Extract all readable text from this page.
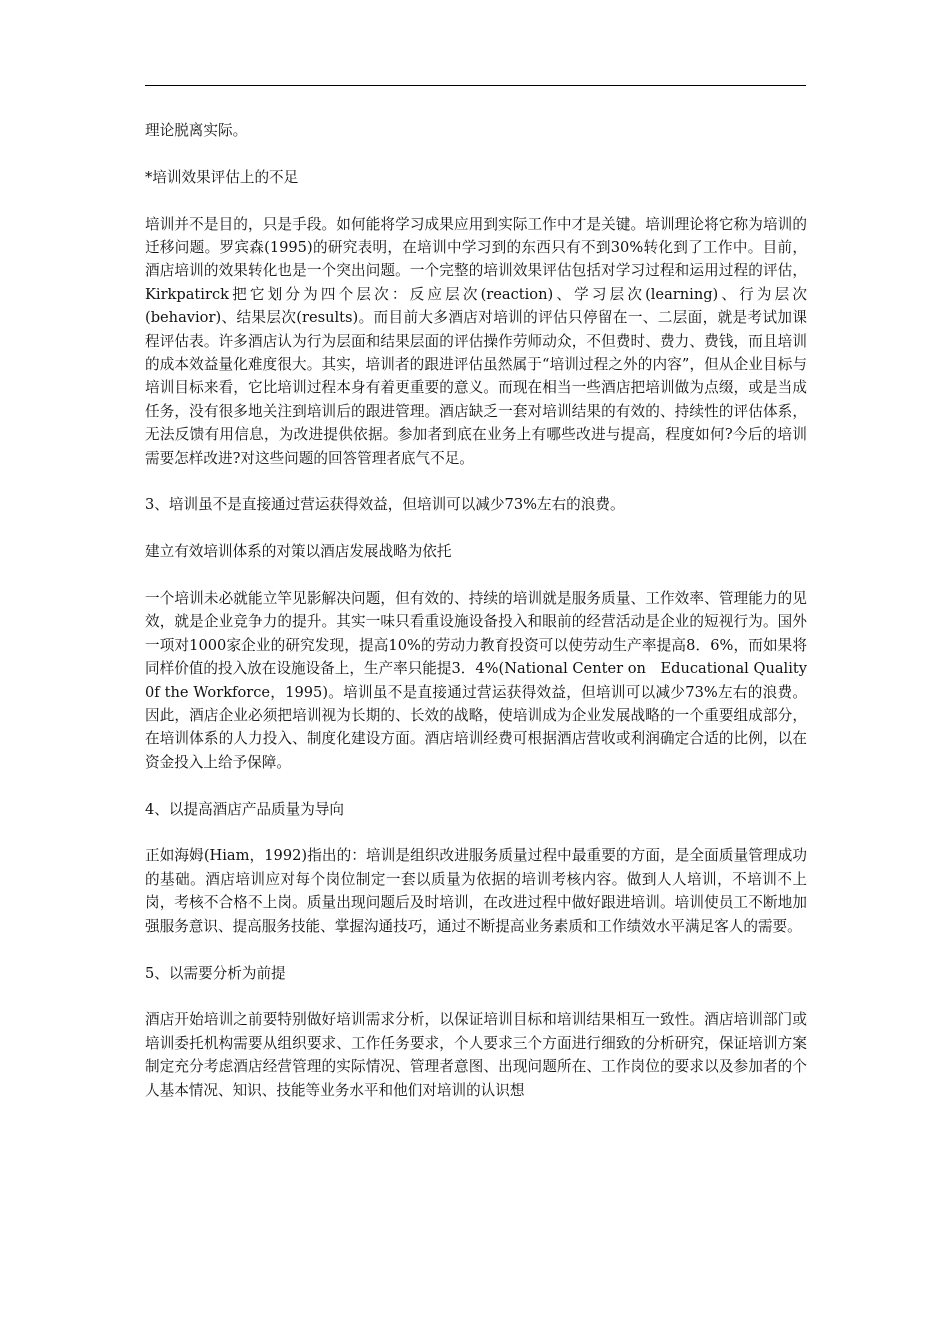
理论脱离实际。

*培训效果评估上的不足

培训并不是目的，只是手段。如何能将学习成果应用到实际工作中才是关键。培训理论将它称为培训的迁移问题。罗宾森(1995)的研究表明，在培训中学习到的东西只有不到30%转化到了工作中。目前，酒店培训的效果转化也是一个突出问题。一个完整的培训效果评估包括对学习过程和运用过程的评估，Kirkpatirck把它划分为四个层次：反应层次(reaction)、学习层次(learning)、行为层次(behavior)、结果层次(results)。而目前大多酒店对培训的评估只停留在一、二层面，就是考试加课程评估表。许多酒店认为行为层面和结果层面的评估操作劳师动众，不但费时、费力、费钱，而且培训的成本效益量化难度很大。其实，培训者的跟进评估虽然属于“培训过程之外的内容”，但从企业目标与培训目标来看，它比培训过程本身有着更重要的意义。而现在相当一些酒店把培训做为点缀，或是当成任务，没有很多地关注到培训后的跟进管理。酒店缺乏一套对培训结果的有效的、持续性的评估体系，无法反馈有用信息，为改进提供依据。参加者到底在业务上有哪些改进与提高，程度如何?今后的培训需要怎样改进?对这些问题的回答管理者底气不足。

3、培训虽不是直接通过营运获得效益，但培训可以减少73%左右的浪费。

建立有效培训体系的对策以酒店发展战略为依托

一个培训未必就能立竿见影解决问题，但有效的、持续的培训就是服务质量、工作效率、管理能力的见效，就是企业竞争力的提升。其实一味只看重设施设备投入和眼前的经营活动是企业的短视行为。国外一项对1000家企业的研究发现，提高10%的劳动力教育投资可以使劳动生产率提高8．6%，而如果将同样价值的投入放在设施设备上，生产率只能提3．4%(National Center on　Educational Quality 0f the Workforce，1995)。培训虽不是直接通过营运获得效益，但培训可以减少73%左右的浪费。因此，酒店企业必须把培训视为长期的、长效的战略，使培训成为企业发展战略的一个重要组成部分，在培训体系的人力投入、制度化建设方面。酒店培训经费可根据酒店营收或利润确定合适的比例，以在资金投入上给予保障。

4、以提高酒店产品质量为导向

正如海姆(Hiam，1992)指出的：培训是组织改进服务质量过程中最重要的方面，是全面质量管理成功的基础。酒店培训应对每个岗位制定一套以质量为依据的培训考核内容。做到人人培训，不培训不上岗，考核不合格不上岗。质量出现问题后及时培训，在改进过程中做好跟进培训。培训使员工不断地加强服务意识、提高服务技能、掌握沟通技巧，通过不断提高业务素质和工作绩效水平满足客人的需要。

5、以需要分析为前提

酒店开始培训之前要特别做好培训需求分析，以保证培训目标和培训结果相互一致性。酒店培训部门或培训委托机构需要从组织要求、工作任务要求，个人要求三个方面进行细致的分析研究，保证培训方案制定充分考虑酒店经营管理的实际情况、管理者意图、出现问题所在、工作岗位的要求以及参加者的个人基本情况、知识、技能等业务水平和他们对培训的认识想
